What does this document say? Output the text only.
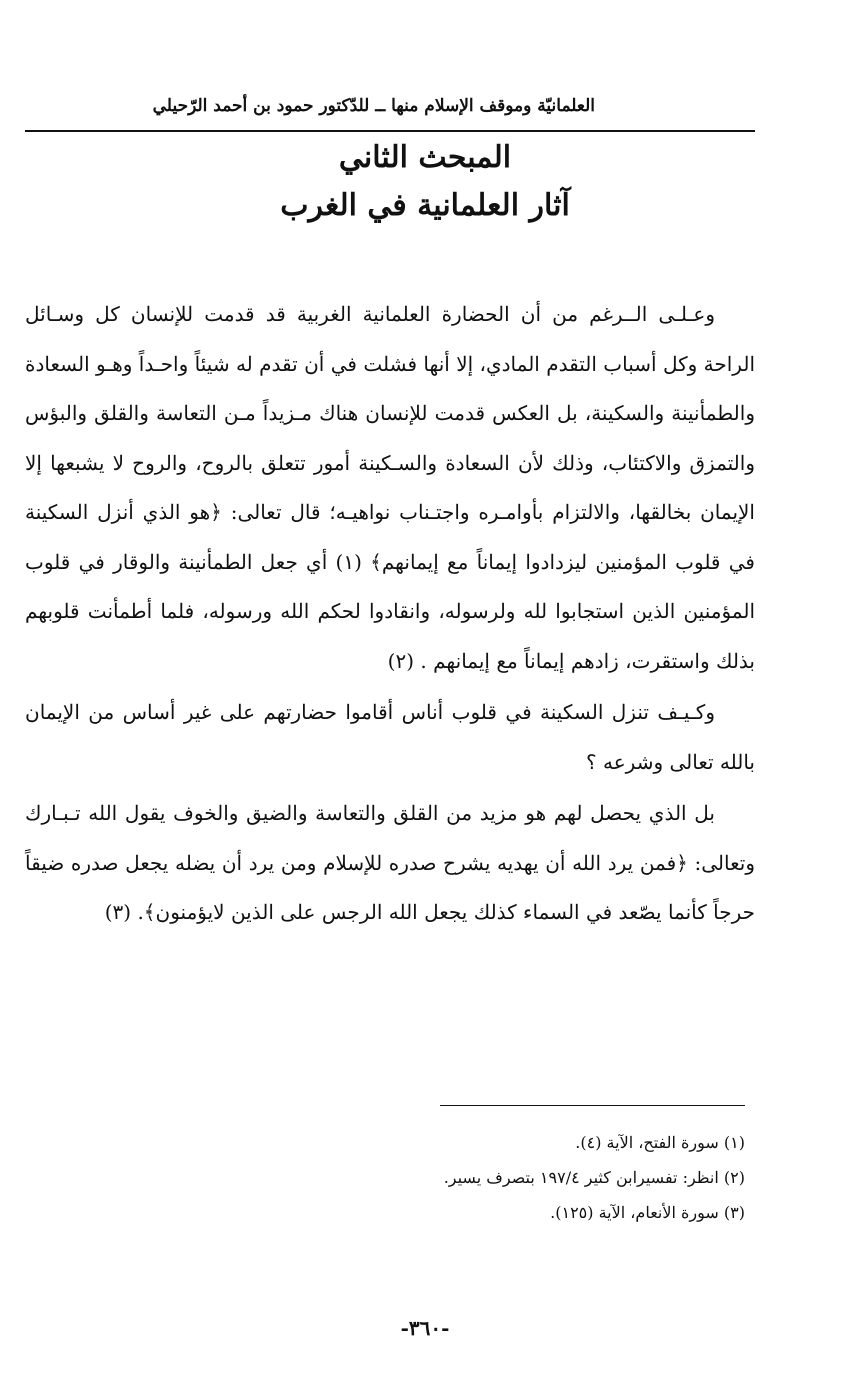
العلمانيّة وموقف الإسلام منها ــ للدّكتور حمود بن أحمد الرّحيلي
المبحث الثاني
آثار العلمانية في الغرب

وعـلـى الــرغم من أن الحضارة العلمانية الغربية قد قدمت للإنسان كل وسـائل الراحة وكل أسباب التقدم المادي، إلا أنها فشلت في أن تقدم له شيئاً واحـداً وهـو السعادة والطمأنينة والسكينة، بل العكس قدمت للإنسان هناك مـزيداً مـن التعاسة والقلق والبؤس والتمزق والاكتئاب، وذلك لأن السعادة والسـكينة أمور تتعلق بالروح، والروح لا يشبعها إلا الإيمان بخالقها، والالتزام بأوامـره واجتـناب نواهيـه؛ قال تعالى: ﴿هو الذي أنزل السكينة في قلوب المؤمنين ليزدادوا إيماناً مع إيمانهم﴾ (١) أي جعل الطمأنينة والوقار في قلوب المؤمنين الذين استجابوا لله ولرسوله، وانقادوا لحكم الله ورسوله، فلما أطمأنت قلوبهم بذلك واستقرت، زادهم إيماناً مع إيمانهم . (٢)

وكـيـف تنزل السكينة في قلوب أناس أقاموا حضارتهم على غير أساس من الإيمان بالله تعالى وشرعه ؟

بل الذي يحصل لهم هو مزيد من القلق والتعاسة والضيق والخوف يقول الله تـبـارك وتعالى: ﴿فمن يرد الله أن يهديه يشرح صدره للإسلام ومن يرد أن يضله يجعل صدره ضيقاً حرجاً كأنما يصّعد في السماء كذلك يجعل الله الرجس على الذين لايؤمنون﴾. (٣)

(١) سورة الفتح، الآية (٤).
(٢) انظر: تفسيرابن كثير ١٩٧/٤ بتصرف يسير.
(٣) سورة الأنعام، الآية (١٢٥).
-٣٦٠-
